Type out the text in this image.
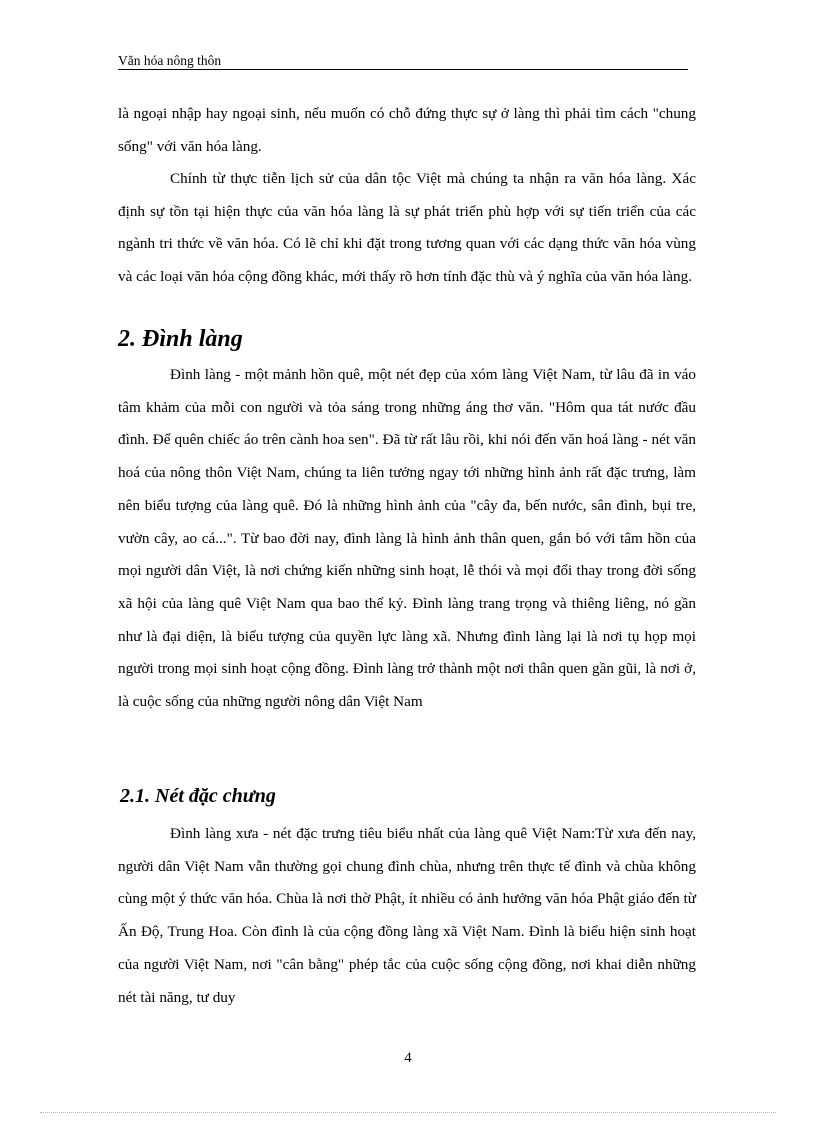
Văn hóa nông thôn

là ngoại nhập hay ngoại sinh, nếu muốn có chỗ đứng thực sự ở làng thì phải tìm cách "chung sống" với văn hóa làng.

Chính từ thực tiễn lịch sử của dân tộc Việt mà chúng ta nhận ra văn hóa làng. Xác định sự tồn tại hiện thực của văn hóa làng là sự phát triển phù hợp với sự tiến triển của các ngành tri thức về văn hóa. Có lẽ chỉ khi đặt trong tương quan với các dạng thức văn hóa vùng và các loại văn hóa cộng đồng khác, mới thấy rõ hơn tính đặc thù và ý nghĩa của văn hóa làng.

2. Đình làng

Đình làng - một mảnh hồn quê, một nét đẹp của xóm làng Việt Nam, từ lâu đã in váo tâm khảm của mỗi con người và tỏa sáng trong những áng thơ văn. "Hôm qua tát nước đầu đình. Để quên chiếc áo trên cành hoa sen". Đã từ rất lâu rồi, khi nói đến văn hoá làng - nét văn hoá của nông thôn Việt Nam, chúng ta liên tưởng ngay tới những hình ảnh rất đặc trưng, làm nên biểu tượng của làng quê. Đó là những hình ảnh của "cây đa, bến nước, sân đình, bụi tre, vườn cây, ao cá...". Từ bao đời nay, đình làng là hình ảnh thân quen, gắn bó với tâm hồn của mọi người dân Việt, là nơi chứng kiến những sinh hoạt, lễ thói và mọi đổi thay trong đời sống xã hội của làng quê Việt Nam qua bao thế kỷ. Đình làng trang trọng và thiêng liêng, nó gần như là đại diện, là biểu tượng của quyền lực làng xã. Nhưng đình làng lại là nơi tụ họp mọi người trong mọi sinh hoạt cộng đồng. Đình làng trở thành một nơi thân quen gần gũi, là nơi ở, là cuộc sống của những người nông dân Việt Nam

2.1. Nét đặc chưng

Đình làng xưa - nét đặc trưng tiêu biểu nhất của làng quê Việt Nam:Từ xưa đến nay, người dân Việt Nam vẫn thường gọi chung đình chùa, nhưng trên thực tế đình và chùa không cùng một ý thức văn hóa. Chùa là nơi thờ Phật, ít nhiều có ảnh hưởng văn hóa Phật giáo đến từ Ấn Độ, Trung Hoa. Còn đình là của cộng đồng làng xã Việt Nam. Đình là biểu hiện sinh hoạt của người Việt Nam, nơi "cân bằng" phép tắc của cuộc sống cộng đồng, nơi khai diễn những nét tài năng, tư duy

4
